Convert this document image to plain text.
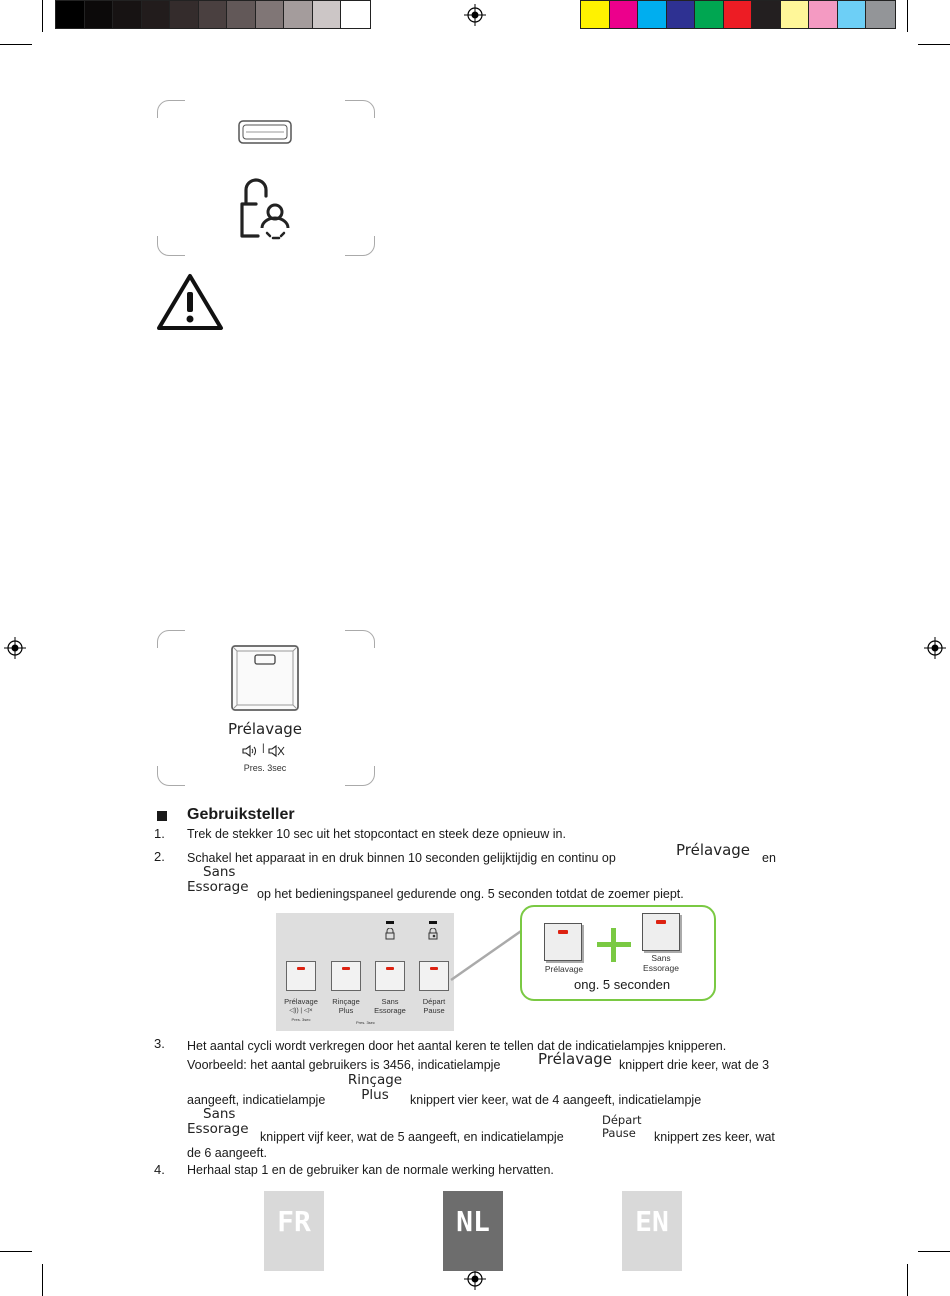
Prélavage
|
Pres. 3sec
Gebruiksteller
1. Trek de stekker 10 sec uit het stopcontact en steek deze opnieuw in.
2. Schakel het apparaat in en druk binnen 10 seconden gelijktijdig en continu op	Prélavage en
Sans
Essorage op het bedieningspaneel gedurende ong. 5 seconden totdat de zoemer piept.
Prélavage
◁)) | ◁×
Pres. 3sec
Rinçage
Plus
Sans
Essorage
Départ
Pause
Pres. 3sec
Prélavage
Sans
Essorage
ong. 5 seconden
3. Het aantal cycli wordt verkregen door het aantal keren te tellen dat de indicatielampjes knipperen.
Voorbeeld: het aantal gebruikers is 3456, indicatielampje	Prélavage knippert drie keer, wat de 3
aangeeft, indicatielampje
Rinçage
Plus	knippert vier keer, wat de 4 aangeeft, indicatielampje
Sans
Essorage knippert vijf keer, wat de 5 aangeeft, en indicatielampje
Départ
Pause	knippert zes keer, wat
de 6 aangeeft.
4. Herhaal stap 1 en de gebruiker kan de normale werking hervatten.
FR	NL	EN
